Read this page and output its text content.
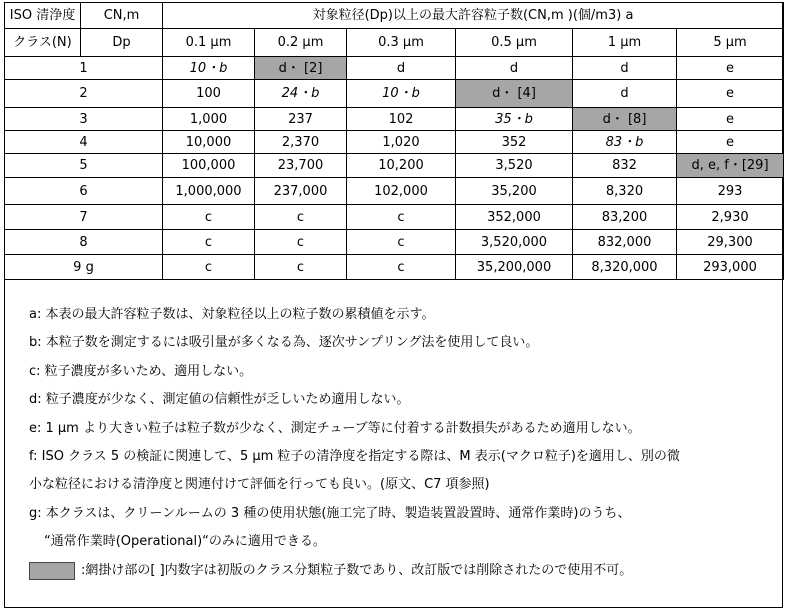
ISO 清浄度	CN,m	対象粒径(Dp)以上の最大許容粒子数(CN,m )(個/m3) a					
クラス(N)	Dp	0.1 μm	0.2 μm	0.3 μm	0.5 μm	1 μm	5 μm
1		10・b	d・ [2]	d	d	d	e
2		100	24・b	10・b	d・ [4]	d	e
3		1,000	237	102	35・b	d・ [8]	e
4		10,000	2,370	1,020	352	83・b	e
5		100,000	23,700	10,200	3,520	832	d, e, f・[29]
6		1,000,000	237,000	102,000	35,200	8,320	293
7		c	c	c	352,000	83,200	2,930
8		c	c	c	3,520,000	832,000	29,300
9 g		c	c	c	35,200,000	8,320,000	293,000
a: 本表の最大許容粒子数は、対象粒径以上の粒子数の累積値を示す。
b: 本粒子数を測定するには吸引量が多くなる為、逐次サンプリング法を使用して良い。
c: 粒子濃度が多いため、適用しない。
d: 粒子濃度が少なく、測定値の信頼性が乏しいため適用しない。
e: 1 μm より大きい粒子は粒子数が少なく、測定チューブ等に付着する計数損失があるため適用しない。
f: ISO クラス 5 の検証に関連して、5 μm 粒子の清浄度を指定する際は、M 表示(マクロ粒子)を適用し、別の微
小な粒径における清浄度と関連付けて評価を行っても良い。(原文、C7 項参照)
g: 本クラスは、クリーンルームの 3 種の使用状態(施工完了時、製造装置設置時、通常作業時)のうち、
“通常作業時(Operational)“のみに適用できる。
:網掛け部の[ ]内数字は初版のクラス分類粒子数であり、改訂版では削除されたので使用不可。
